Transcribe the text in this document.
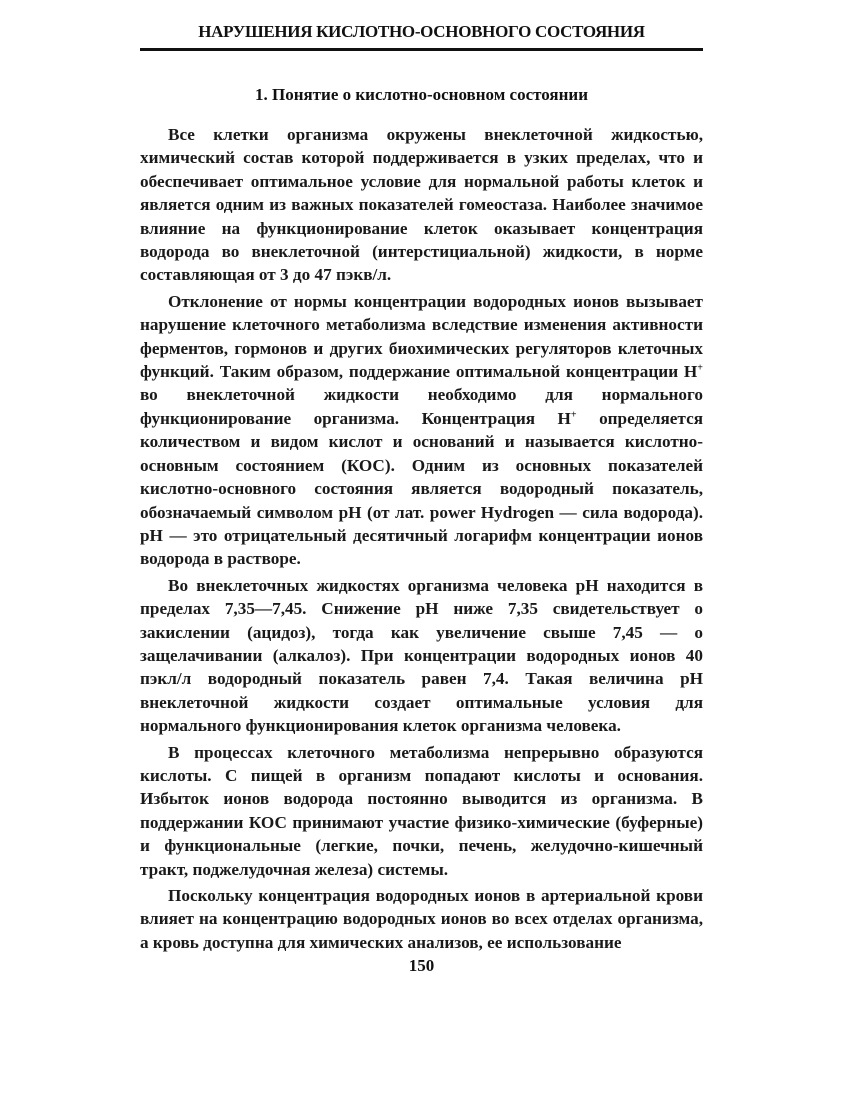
НАРУШЕНИЯ КИСЛОТНО-ОСНОВНОГО СОСТОЯНИЯ
1. Понятие о кислотно-основном состоянии

Все клетки организма окружены внеклеточной жидкостью, химический состав которой поддерживается в узких пределах, что и обеспечивает оптимальное условие для нормальной работы клеток и является одним из важных показателей гомеостаза. Наиболее значимое влияние на функционирование клеток оказывает концентрация водорода во внеклеточной (интерстициальной) жидкости, в норме составляющая от 3 до 47 пэкв/л.

Отклонение от нормы концентрации водородных ионов вызывает нарушение клеточного метаболизма вследствие изменения активности ферментов, гормонов и других биохимических регуляторов клеточных функций. Таким образом, поддержание оптимальной концентрации H+ во внеклеточной жидкости необходимо для нормального функционирование организма. Концентрация H+ определяется количеством и видом кислот и оснований и называется кислотно-основным состоянием (КОС). Одним из основных показателей кислотно-основного состояния является водородный показатель, обозначаемый символом pH (от лат. power Hydrogen — сила водорода). pH — это отрицательный десятичный логарифм концентрации ионов водорода в растворе.

Во внеклеточных жидкостях организма человека pH находится в пределах 7,35—7,45. Снижение pH ниже 7,35 свидетельствует о закислении (ацидоз), тогда как увеличение свыше 7,45 — о защелачивании (алкалоз). При концентрации водородных ионов 40 пэкл/л водородный показатель равен 7,4. Такая величина pH внеклеточной жидкости создает оптимальные условия для нормального функционирования клеток организма человека.

В процессах клеточного метаболизма непрерывно образуются кислоты. С пищей в организм попадают кислоты и основания. Избыток ионов водорода постоянно выводится из организма. В поддержании КОС принимают участие физико-химические (буферные) и функциональные (легкие, почки, печень, желудочно-кишечный тракт, поджелудочная железа) системы.

Поскольку концентрация водородных ионов в артериальной крови влияет на концентрацию водородных ионов во всех отделах организма, а кровь доступна для химических анализов, ее использование

150
